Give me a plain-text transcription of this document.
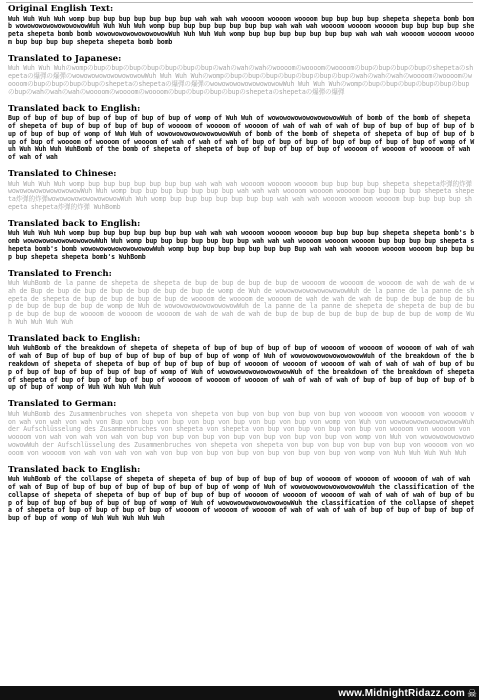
Original English Text:

Wuh Wuh Wuh Wuh womp bup bup bup bup bup bup bup wah wah wah woooom woooom woooom bup bup bup bup shepeta shepeta bomb bomb wowowowowowowowowowWuh Wuh Wuh Wuh womp bup bup bup bup bup bup bup wah wah wah woooom woooom woooom bup bup bup bup shepeta shepeta bomb bomb wowowowowowowowowowWuh Wuh Wuh Wuh womp bup bup bup bup bup bup bup wah wah wah woooom woooom woooom bup bup bup bup shepeta shepeta bomb bomb

Translated to Japanese:

Wuh Wuh Wuh Wuhのwompのbupのbupのbupのbupのbupのbupのbupのwahのwahのwahのwoooomのwoooomのwoooomのbupのbupのbupのbupのshepetaのshepetaの爆弾の爆弾のwowowowowowowowowowWuh Wuh Wuh Wuhのwompのbupのbupのbupのbupのbupのbupのbupのwahのwahのwahのwoooomのwoooomのwoooomのbupのbupのbupのbupのshepetaのshepetaの爆弾の爆弾のwowowowowowowowowowWuh Wuh Wuh Wuhのwompのbupのbupのbupのbupのbupのbupのbupのwahのwahのwahのwoooomのwoooomのwoooomのbupのbupのbupのbupのshepetaのshepetaの爆弾の爆弾

Translated back to English:

Bup of bup of bup of bup of bup of bup of bup of womp of Wuh Wuh of wowowowowowowowowowWuh of bomb of the bomb of shepeta of shepeta of bup of bup of bup of bup of woooom of woooom of woooom of wah of wah of wah of bup of bup of bup of bup of bup of bup of bup of womp of Wuh Wuh of wowowowowowowowowowWuh of bomb of the bomb of shepeta of shepeta of bup of bup of bup of bup of woooom of woooom of woooom of wah of wah of wah of bup of bup of bup of bup of bup of bup of bup of womp of Wuh Wuh Wuh Wuh WuhBomb of the bomb of shepeta of shepeta of bup of bup of bup of bup of woooom of woooom of woooom of wah of wah of wah

Translated to Chinese:

Wuh Wuh Wuh Wuh womp bup bup bup bup bup bup bup wah wah wah woooom woooom woooom bup bup bup bup shepeta shepeta炸弹的炸弹wowowowowowowowowowWuh Wuh womp bup bup bup bup bup bup bup wah wah wah woooom woooom woooom bup bup bup bup shepeta shepeta炸弹的炸弹wowowowowowowowowowWuh Wuh womp bup bup bup bup bup bup bup wah wah wah woooom woooom woooom bup bup bup bup shepeta shepeta炸弹的炸弹 WuhBomb

Translated back to English:

Wuh Wuh Wuh Wuh womp bup bup bup bup bup bup bup wah wah wah woooom woooom woooom bup bup bup bup shepeta shepeta bomb's bomb wowowowowowowowowowWuh Wuh womp bup bup bup bup bup bup bup wah wah wah woooom woooom woooom bup bup bup bup shepeta shepeta bomb's bomb wowowowowowowowowowWuh womp bup bup bup bup bup bup bup Bup wah wah wah woooom woooom woooom bup bup bup bup shepeta shepeta bomb's WuhBomb

Translated to French:

Wuh WuhBomb de la panne de shepeta de shepeta de bup de bup de bup de bup de woooom de woooom de woooom de wah de wah de wah de Bup de bup de bup de bup de bup de bup de bup de womp de Wuh de wowowowowowowowowowWuh de la panne de la panne de shepeta de shepeta de bup de bup de bup de bup de woooom de woooom de woooom de wah de wah de wah de bup de bup de bup de bup de bup de bup de bup de womp de Wuh de wowowowowowowowowowWuh de la panne de la panne de shepeta de shepeta de bup de bup de bup de bup de woooom de woooom de woooom de wah de wah de wah de bup de bup de bup de bup de bup de bup de womp de Wuh Wuh Wuh Wuh Wuh

Translated back to English:

Wuh WuhBomb of the breakdown of shepeta of shepeta of bup of bup of bup of bup of woooom of woooom of woooom of wah of wah of wah of Bup of bup of bup of bup of bup of bup of bup of womp of Wuh of wowowowowowowowowowWuh of the breakdown of the breakdown of shepeta of shepeta of bup of bup of bup of bup of woooom of woooom of woooom of wah of wah of wah of bup of bup of bup of bup of bup of bup of bup of womp of Wuh of wowowowowowowowowowWuh of the breakdown of the breakdown of shepeta of shepeta of bup of bup of bup of bup of woooom of woooom of woooom of wah of wah of wah of bup of bup of bup of bup of bup of bup of womp of Wuh Wuh Wuh Wuh Wuh

Translated to German:

Wuh WuhBomb des Zusammenbruches von shepeta von shepeta von bup von bup von bup von bup von woooom von woooom von woooom von wah von wah von wah von Bup von bup von bup von bup von bup von bup von bup von womp von Wuh von wowowowowowowowowowWuh der Aufschlüsselung des Zusammenbruches von shepeta von shepeta von bup von bup von bup von bup von woooom von woooom von woooom von wah von wah von wah von bup von bup von bup von bup von bup von bup von bup von womp von Wuh von wowowowowowowowowowWuh der Aufschlüsselung des Zusammenbruches von shepeta von shepeta von bup von bup von bup von bup von woooom von woooom von woooom von wah von wah von wah von bup von bup von bup von bup von bup von bup von womp von Wuh Wuh Wuh Wuh Wuh

Translated back to English:

Wuh WuhBomb of the collapse of shepeta of shepeta of bup of bup of bup of bup of woooom of woooom of woooom of wah of wah of wah of Bup of bup of bup of bup of bup of bup of bup of womp of Wuh of wowowowowowowowowowWuh the classification of the collapse of shepeta of shepeta of bup of bup of bup of bup of woooom of woooom of woooom of wah of wah of wah of bup of bup of bup of bup of bup of bup of bup of womp of Wuh of wowowowowowowowowowWuh the classification of the collapse of shepeta of shepeta of bup of bup of bup of bup of woooom of woooom of woooom of wah of wah of wah of bup of bup of bup of bup of bup of bup of womp of Wuh Wuh Wuh Wuh Wuh

www.MidnightRidazz.com ☠
